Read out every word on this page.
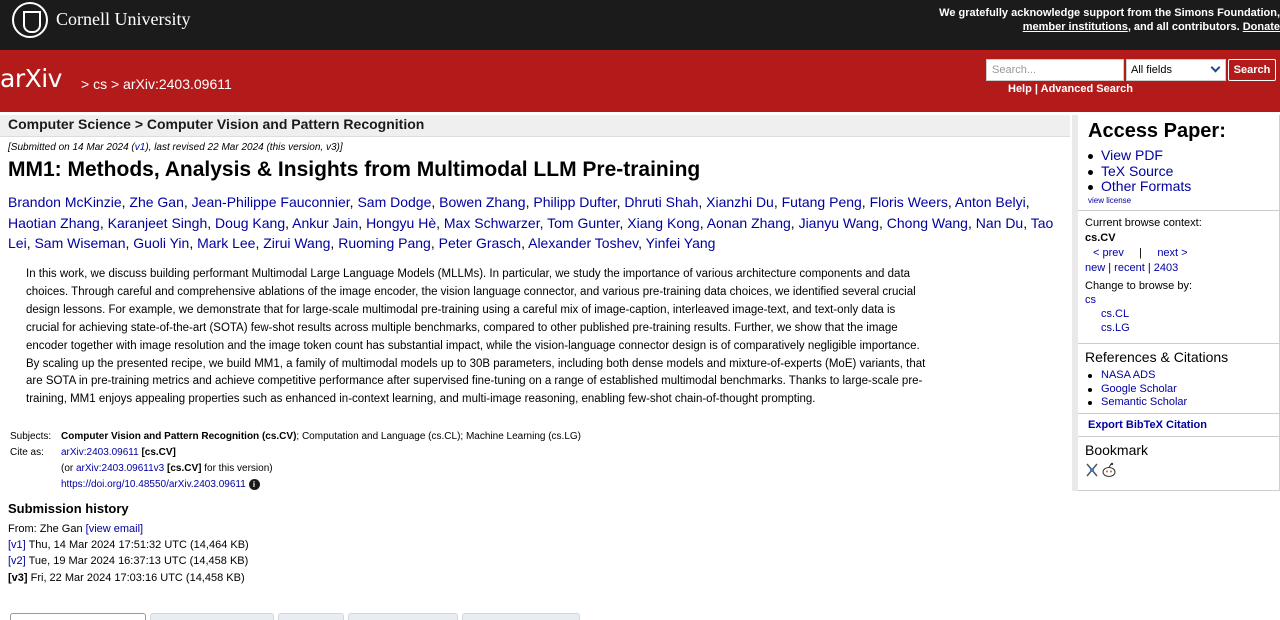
Cornell University	We gratefully acknowledge support from the Simons Foundation,
member institutions, and all contributors. Donate
arXiv > cs > arXiv:2403.09611
Search...	All fields	Search
Help | Advanced Search
Computer Science > Computer Vision and Pattern Recognition
[Submitted on 14 Mar 2024 (v1), last revised 22 Mar 2024 (this version, v3)]
MM1: Methods, Analysis & Insights from Multimodal LLM Pre-training
Brandon McKinzie, Zhe Gan, Jean-Philippe Fauconnier, Sam Dodge, Bowen Zhang, Philipp Dufter, Dhruti Shah, Xianzhi Du, Futang Peng, Floris Weers, Anton Belyi, Haotian Zhang, Karanjeet Singh, Doug Kang, Ankur Jain, Hongyu Hè, Max Schwarzer, Tom Gunter, Xiang Kong, Aonan Zhang, Jianyu Wang, Chong Wang, Nan Du, Tao Lei, Sam Wiseman, Guoli Yin, Mark Lee, Zirui Wang, Ruoming Pang, Peter Grasch, Alexander Toshev, Yinfei Yang
In this work, we discuss building performant Multimodal Large Language Models (MLLMs). In particular, we study the importance of various architecture components and data
choices. Through careful and comprehensive ablations of the image encoder, the vision language connector, and various pre-training data choices, we identified several crucial
design lessons. For example, we demonstrate that for large-scale multimodal pre-training using a careful mix of image-caption, interleaved image-text, and text-only data is
crucial for achieving state-of-the-art (SOTA) few-shot results across multiple benchmarks, compared to other published pre-training results. Further, we show that the image
encoder together with image resolution and the image token count has substantial impact, while the vision-language connector design is of comparatively negligible importance.
By scaling up the presented recipe, we build MM1, a family of multimodal models up to 30B parameters, including both dense models and mixture-of-experts (MoE) variants, that
are SOTA in pre-training metrics and achieve competitive performance after supervised fine-tuning on a range of established multimodal benchmarks. Thanks to large-scale pre-
training, MM1 enjoys appealing properties such as enhanced in-context learning, and multi-image reasoning, enabling few-shot chain-of-thought prompting.
Subjects: Computer Vision and Pattern Recognition (cs.CV); Computation and Language (cs.CL); Machine Learning (cs.LG)
Cite as:	arXiv:2403.09611 [cs.CV]
(or arXiv:2403.09611v3 [cs.CV] for this version)
https://doi.org/10.48550/arXiv.2403.09611 i
Submission history
From: Zhe Gan [view email]
[v1] Thu, 14 Mar 2024 17:51:32 UTC (14,464 KB)
[v2] Tue, 19 Mar 2024 16:37:13 UTC (14,458 KB)
[v3] Fri, 22 Mar 2024 17:03:16 UTC (14,458 KB)
Access Paper:
View PDF
TeX Source
Other Formats
view license
Current browse context:
cs.CV
< prev | next >
new | recent | 2403
Change to browse by:
cs
cs.CL
cs.LG
References & Citations
NASA ADS
Google Scholar
Semantic Scholar
Export BibTeX Citation
Bookmark
